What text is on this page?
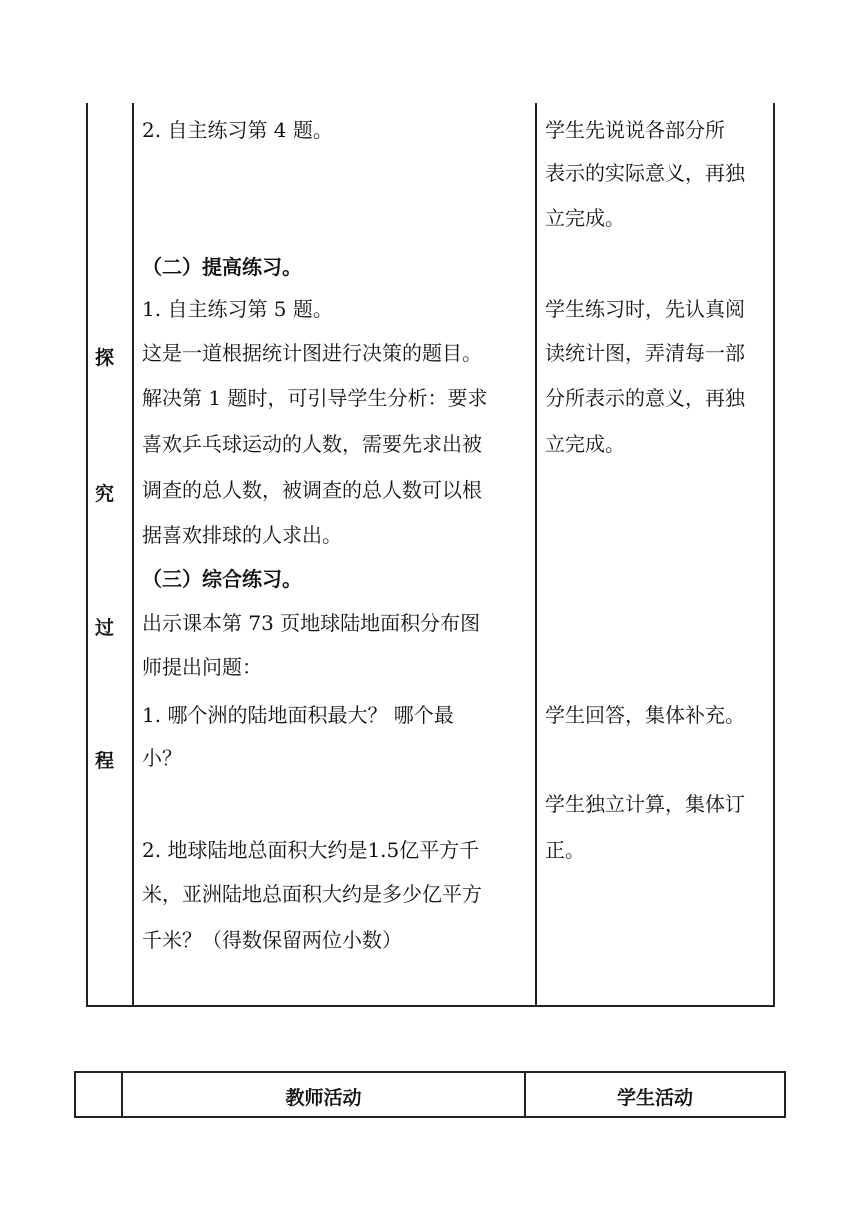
探
究
过
程
2. 自主练习第 4 题。
（二）提高练习。
1. 自主练习第 5 题。
这是一道根据统计图进行决策的题目。
解决第 1 题时，可引导学生分析：要求
喜欢乒乓球运动的人数，需要先求出被
调查的总人数，被调查的总人数可以根
据喜欢排球的人求出。
（三）综合练习。
出示课本第 73 页地球陆地面积分布图
师提出问题：
1. 哪个洲的陆地面积最大？ 哪个最
小？
2. 地球陆地总面积大约是1.5亿平方千
米，亚洲陆地总面积大约是多少亿平方
千米？（得数保留两位小数）
学生先说说各部分所
表示的实际意义，再独
立完成。
学生练习时，先认真阅
读统计图，弄清每一部
分所表示的意义，再独
立完成。
学生回答，集体补充。
学生独立计算，集体订
正。
教师活动	学生活动
